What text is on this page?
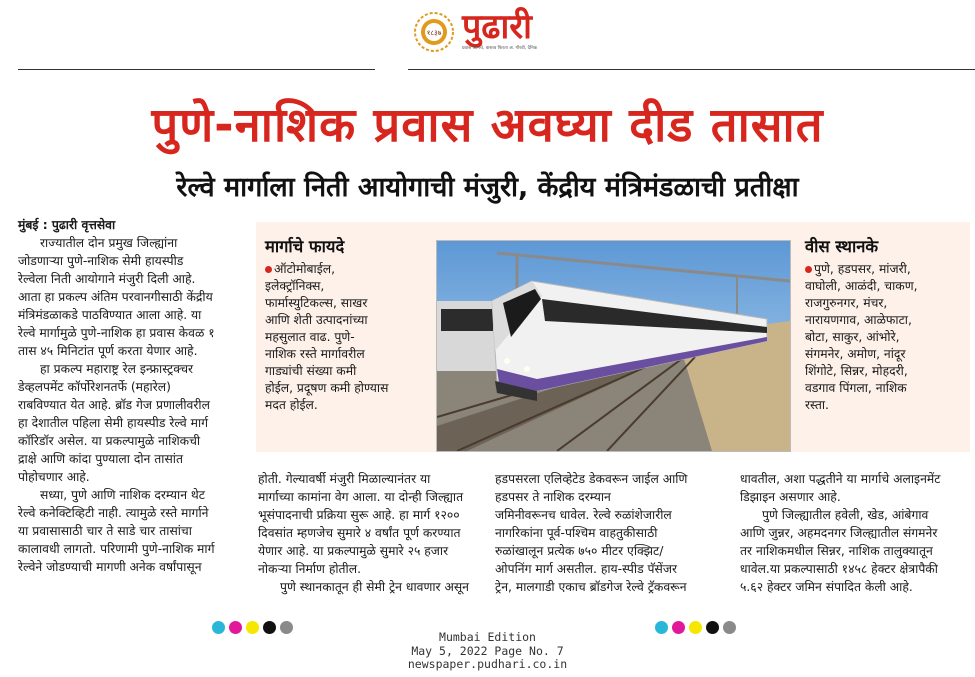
१८३७ पुढारी
प्रवास आमचे, वास्तव फिरता अ. गौरवी, दैनिक
पुणे-नाशिक प्रवास अवघ्या दीड तासात
रेल्वे मार्गाला निती आयोगाची मंजुरी, केंद्रीय मंत्रिमंडळाची प्रतीक्षा
मुंबई : पुढारी वृत्तसेवा
राज्यातील दोन प्रमुख जिल्ह्यांना
जोडणाऱ्या पुणे-नाशिक सेमी हायस्पीड
रेल्वेला निती आयोगाने मंजुरी दिली आहे.
आता हा प्रकल्प अंतिम परवानगीसाठी केंद्रीय
मंत्रिमंडळाकडे पाठविण्यात आला आहे. या
रेल्वे मार्गामुळे पुणे-नाशिक हा प्रवास केवळ १
तास ४५ मिनिटांत पूर्ण करता येणार आहे.
हा प्रकल्प महाराष्ट्र रेल इन्फ्रास्ट्रक्चर
डेव्हलपमेंट कॉर्पोरेशनतर्फे (महारेल)
राबविण्यात येत आहे. ब्रॉड गेज प्रणालीवरील
हा देशातील पहिला सेमी हायस्पीड रेल्वे मार्ग
कॉरिडॉर असेल. या प्रकल्पामुळे नाशिकची
द्राक्षे आणि कांदा पुण्याला दोन तासांत
पोहोचणार आहे.
सध्या, पुणे आणि नाशिक दरम्यान थेट
रेल्वे कनेक्टिव्हिटी नाही. त्यामुळे रस्ते मार्गाने
या प्रवासासाठी चार ते साडे चार तासांचा
कालावधी लागतो. परिणामी पुणे-नाशिक मार्ग
रेल्वेने जोडण्याची मागणी अनेक वर्षांपासून
मार्गाचे फायदे
ऑटोमोबाईल,
इलेक्ट्रॉनिक्स,
फार्मास्युटिकल्स, साखर
आणि शेती उत्पादनांच्या
महसुलात वाढ. पुणे-
नाशिक रस्ते मार्गावरील
गाड्यांची संख्या कमी
होईल, प्रदूषण कमी होण्यास
मदत होईल.
वीस स्थानके
पुणे, हडपसर, मांजरी,
वाघोली, आळंदी, चाकण,
राजगुरुनगर, मंचर,
नारायणगाव, आळेफाटा,
बोटा, साकुर, आंभोरे,
संगमनेर, अमोण, नांदूर
शिंगोटे, सिन्नर, मोहदरी,
वडगाव पिंगला, नाशिक
रस्ता.
होती. गेल्यावर्षी मंजुरी मिळाल्यानंतर या
मार्गाच्या कामांना वेग आला. या दोन्ही जिल्ह्यात
भूसंपादनाची प्रक्रिया सुरू आहे. हा मार्ग १२००
दिवसांत म्हणजेच सुमारे ४ वर्षांत पूर्ण करण्यात
येणार आहे. या प्रकल्पामुळे सुमारे २५ हजार
नोकऱ्या निर्माण होतील.
पुणे स्थानकातून ही सेमी ट्रेन धावणार असून
हडपसरला एलिव्हेटेड डेकवरून जाईल आणि
हडपसर ते नाशिक दरम्यान
जमिनीवरूनच धावेल. रेल्वे रुळांशेजारील
नागरिकांना पूर्व-पश्चिम वाहतुकीसाठी
रुळांखालून प्रत्येक ७५० मीटर एक्झिट/
ओपनिंग मार्ग असतील. हाय-स्पीड पॅसेंजर
ट्रेन, मालगाडी एकाच ब्रॉडगेज रेल्वे ट्रॅकवरून
धावतील, अशा पद्धतीने या मार्गाचे अलाइनमेंट
डिझाइन असणार आहे.
पुणे जिल्ह्यातील हवेली, खेड, आंबेगाव
आणि जुन्नर, अहमदनगर जिल्ह्यातील संगमनेर
तर नाशिकमधील सिन्नर, नाशिक तालुक्यातून
धावेल.या प्रकल्पासाठी १४५८ हेक्टर क्षेत्रापैकी
५.६२ हेक्टर जमिन संपादित केली आहे.
Mumbai Edition
May 5, 2022 Page No. 7
newspaper.pudhari.co.in
